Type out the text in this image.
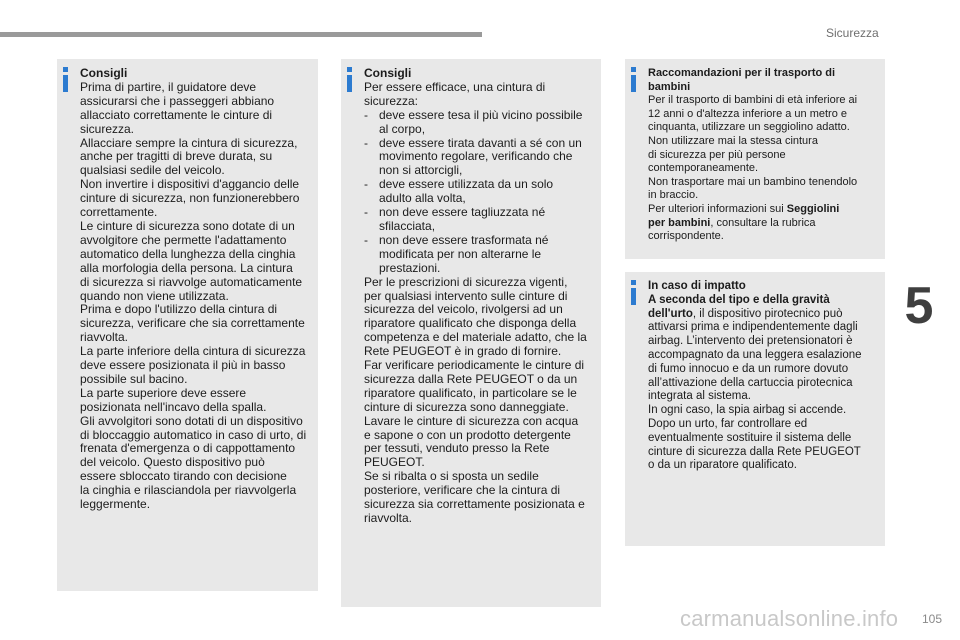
Sicurezza
5

Consigli

Prima di partire, il guidatore deve

assicurarsi che i passeggeri abbiano

allacciato correttamente le cinture di

sicurezza.

Allacciare sempre la cintura di sicurezza,

anche per tragitti di breve durata, su

qualsiasi sedile del veicolo.

Non invertire i dispositivi d'aggancio delle

cinture di sicurezza, non funzionerebbero

correttamente.

Le cinture di sicurezza sono dotate di un

avvolgitore che permette l'adattamento

automatico della lunghezza della cinghia

alla morfologia della persona. La cintura

di sicurezza si riavvolge automaticamente

quando non viene utilizzata.

Prima e dopo l'utilizzo della cintura di

sicurezza, verificare che sia correttamente

riavvolta.

La parte inferiore della cintura di sicurezza

deve essere posizionata il più in basso

possibile sul bacino.

La parte superiore deve essere

posizionata nell'incavo della spalla.

Gli avvolgitori sono dotati di un dispositivo

di bloccaggio automatico in caso di urto, di

frenata d'emergenza o di cappottamento

del veicolo. Questo dispositivo può

essere sbloccato tirando con decisione

la cinghia e rilasciandola per riavvolgerla

leggermente.

Consigli

Per essere efficace, una cintura di

sicurezza:

- deve essere tesa il più vicino possibile

al corpo,

- deve essere tirata davanti a sé con un

movimento regolare, verificando che

non si attorcigli,

- deve essere utilizzata da un solo

adulto alla volta,

- non deve essere tagliuzzata né

sfilacciata,

- non deve essere trasformata né

modificata per non alterarne le

prestazioni.

Per le prescrizioni di sicurezza vigenti,

per qualsiasi intervento sulle cinture di

sicurezza del veicolo, rivolgersi ad un

riparatore qualificato che disponga della

competenza e del materiale adatto, che la

Rete PEUGEOT è in grado di fornire.

Far verificare periodicamente le cinture di

sicurezza dalla Rete PEUGEOT o da un

riparatore qualificato, in particolare se le

cinture di sicurezza sono danneggiate.

Lavare le cinture di sicurezza con acqua

e sapone o con un prodotto detergente

per tessuti, venduto presso la Rete

PEUGEOT.

Se si ribalta o si sposta un sedile

posteriore, verificare che la cintura di

sicurezza sia correttamente posizionata e

riavvolta.

Raccomandazioni per il trasporto di

bambini

Per il trasporto di bambini di età inferiore ai

12 anni o d'altezza inferiore a un metro e

cinquanta, utilizzare un seggiolino adatto.

Non utilizzare mai la stessa cintura

di sicurezza per più persone

contemporaneamente.

Non trasportare mai un bambino tenendolo

in braccio.

Per ulteriori informazioni sui Seggiolini

per bambini, consultare la rubrica

corrispondente.

In caso di impatto

A seconda del tipo e della gravità

dell'urto, il dispositivo pirotecnico può

attivarsi prima e indipendentemente dagli

airbag. L’intervento dei pretensionatori è

accompagnato da una leggera esalazione

di fumo innocuo e da un rumore dovuto

all’attivazione della cartuccia pirotecnica

integrata al sistema.

In ogni caso, la spia airbag si accende.

Dopo un urto, far controllare ed

eventualmente sostituire il sistema delle

cinture di sicurezza dalla Rete PEUGEOT

o da un riparatore qualificato.

carmanualsonline.info 105
